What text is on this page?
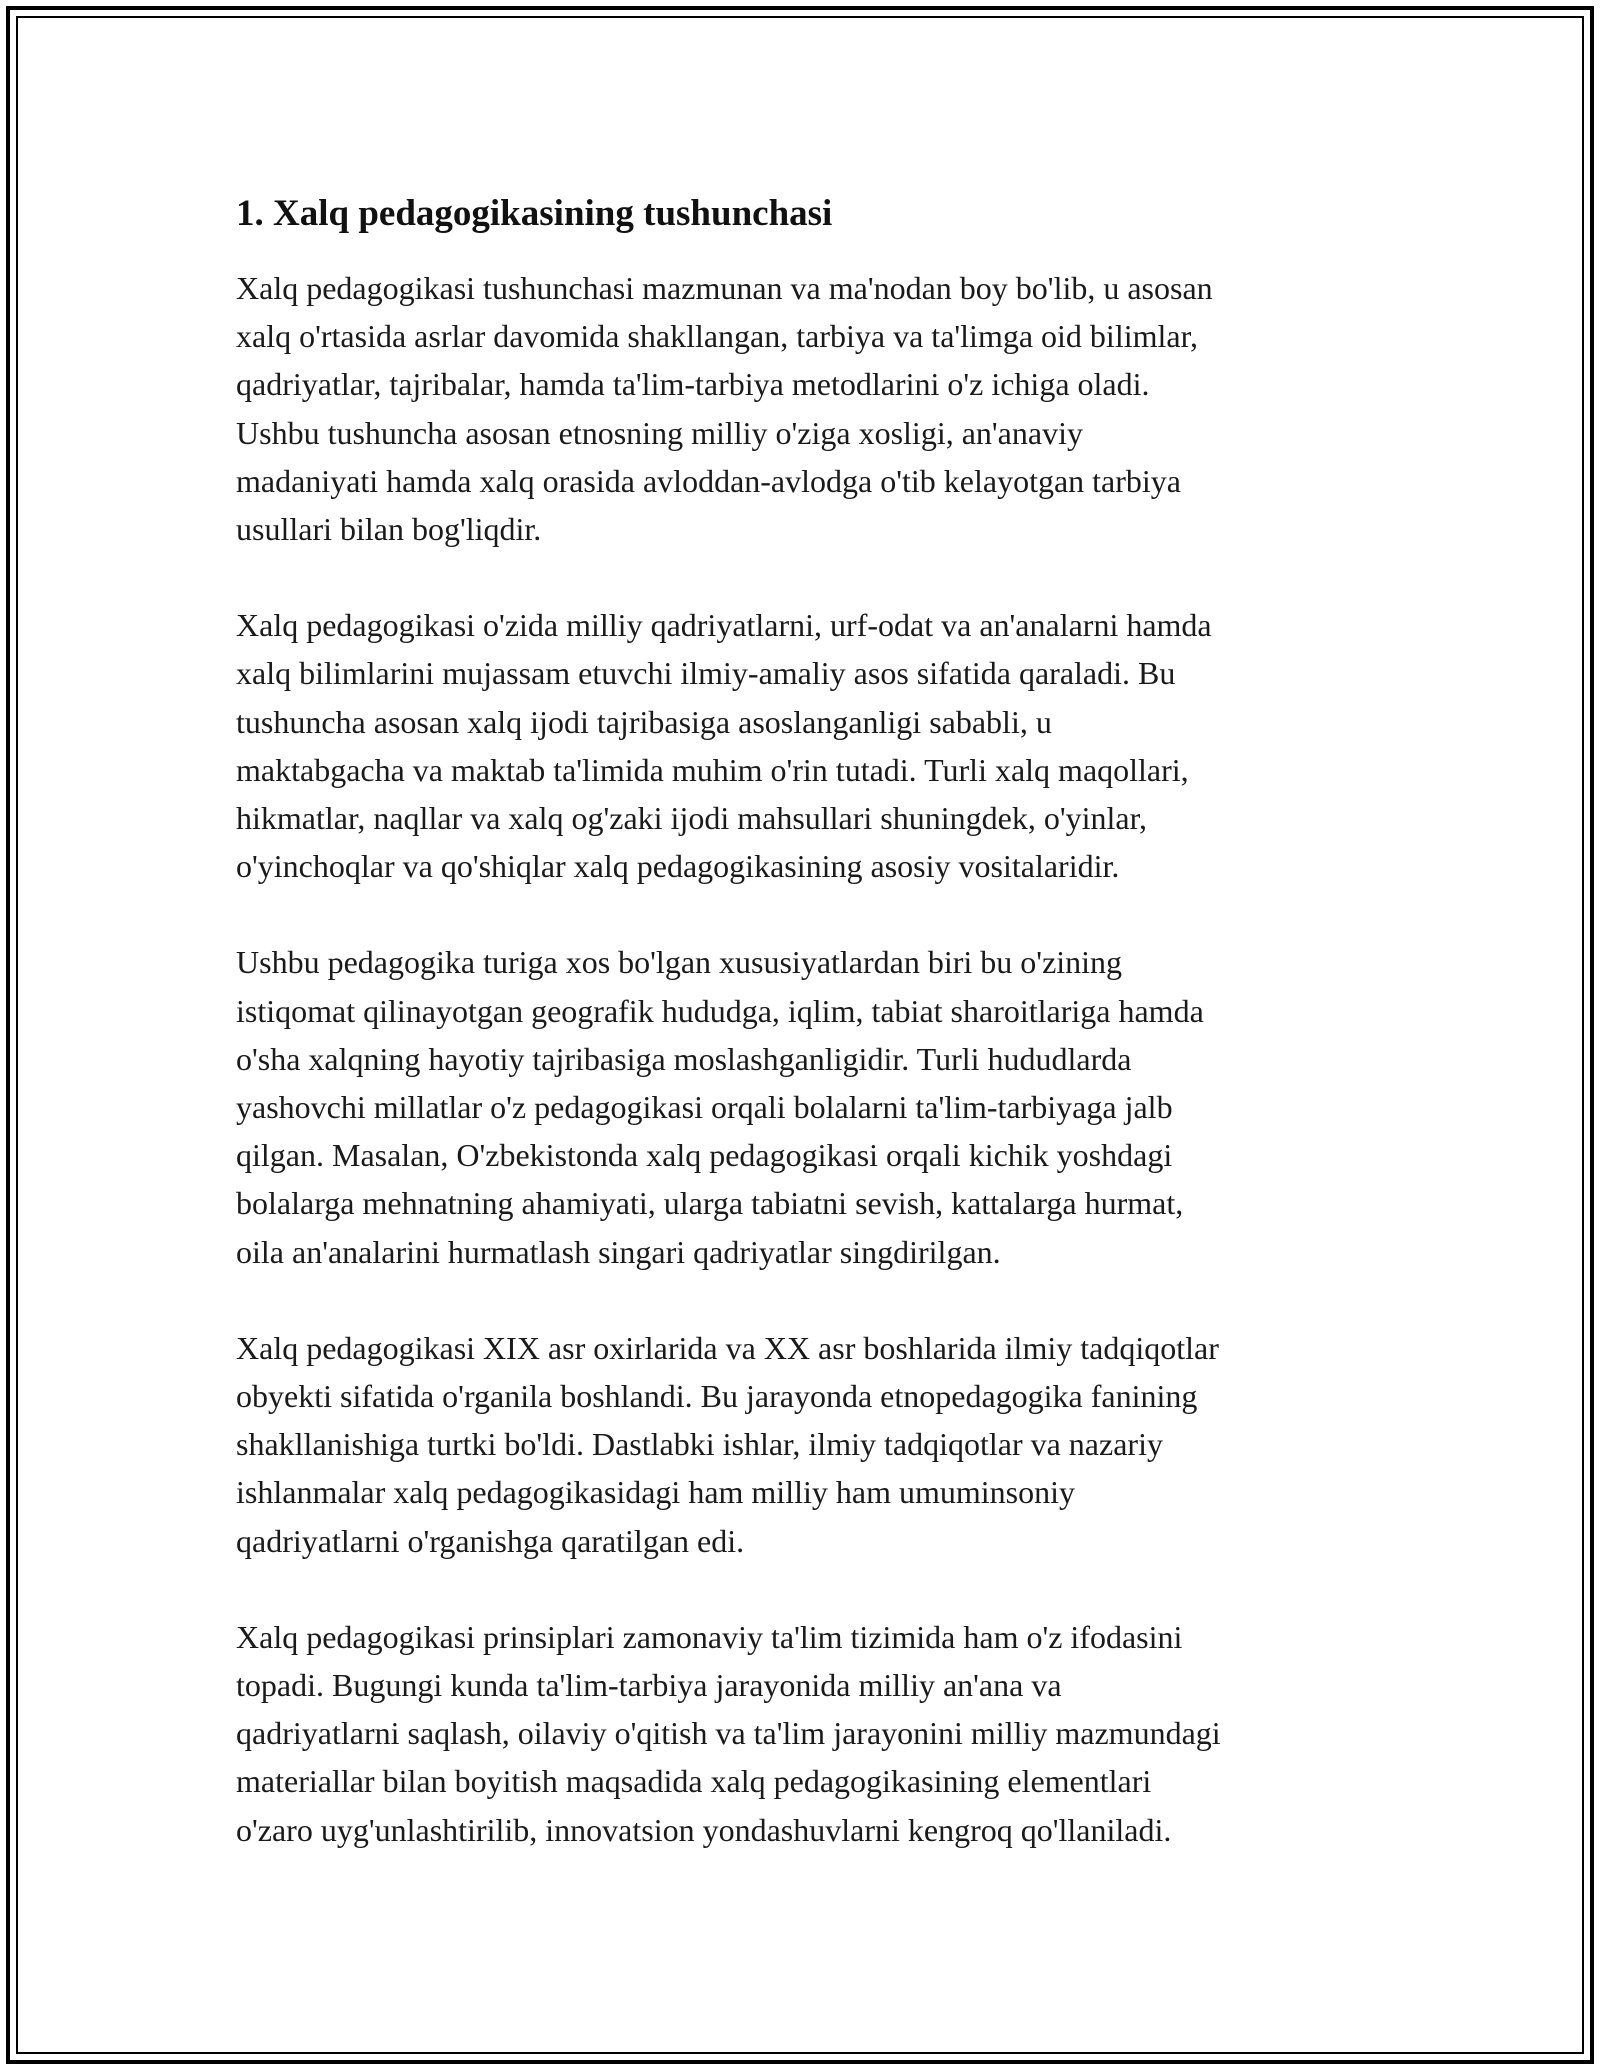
1. Xalq pedagogikasining tushunchasi

Xalq pedagogikasi tushunchasi mazmunan va ma'nodan boy bo'lib, u asosan
xalq o'rtasida asrlar davomida shakllangan, tarbiya va ta'limga oid bilimlar,
qadriyatlar, tajribalar, hamda ta'lim-tarbiya metodlarini o'z ichiga oladi.
Ushbu tushuncha asosan etnosning milliy o'ziga xosligi, an'anaviy
madaniyati hamda xalq orasida avloddan-avlodga o'tib kelayotgan tarbiya
usullari bilan bog'liqdir.

Xalq pedagogikasi o'zida milliy qadriyatlarni, urf-odat va an'analarni hamda
xalq bilimlarini mujassam etuvchi ilmiy-amaliy asos sifatida qaraladi. Bu
tushuncha asosan xalq ijodi tajribasiga asoslanganligi sababli, u
maktabgacha va maktab ta'limida muhim o'rin tutadi. Turli xalq maqollari,
hikmatlar, naqllar va xalq og'zaki ijodi mahsullari shuningdek, o'yinlar,
o'yinchoqlar va qo'shiqlar xalq pedagogikasining asosiy vositalaridir.

Ushbu pedagogika turiga xos bo'lgan xususiyatlardan biri bu o'zining
istiqomat qilinayotgan geografik hududga, iqlim, tabiat sharoitlariga hamda
o'sha xalqning hayotiy tajribasiga moslashganligidir. Turli hududlarda
yashovchi millatlar o'z pedagogikasi orqali bolalarni ta'lim-tarbiyaga jalb
qilgan. Masalan, O'zbekistonda xalq pedagogikasi orqali kichik yoshdagi
bolalarga mehnatning ahamiyati, ularga tabiatni sevish, kattalarga hurmat,
oila an'analarini hurmatlash singari qadriyatlar singdirilgan.

Xalq pedagogikasi XIX asr oxirlarida va XX asr boshlarida ilmiy tadqiqotlar
obyekti sifatida o'rganila boshlandi. Bu jarayonda etnopedagogika fanining
shakllanishiga turtki bo'ldi. Dastlabki ishlar, ilmiy tadqiqotlar va nazariy
ishlanmalar xalq pedagogikasidagi ham milliy ham umuminsoniy
qadriyatlarni o'rganishga qaratilgan edi.

Xalq pedagogikasi prinsiplari zamonaviy ta'lim tizimida ham o'z ifodasini
topadi. Bugungi kunda ta'lim-tarbiya jarayonida milliy an'ana va
qadriyatlarni saqlash, oilaviy o'qitish va ta'lim jarayonini milliy mazmundagi
materiallar bilan boyitish maqsadida xalq pedagogikasining elementlari
o'zaro uyg'unlashtirilib, innovatsion yondashuvlarni kengroq qo'llaniladi.
